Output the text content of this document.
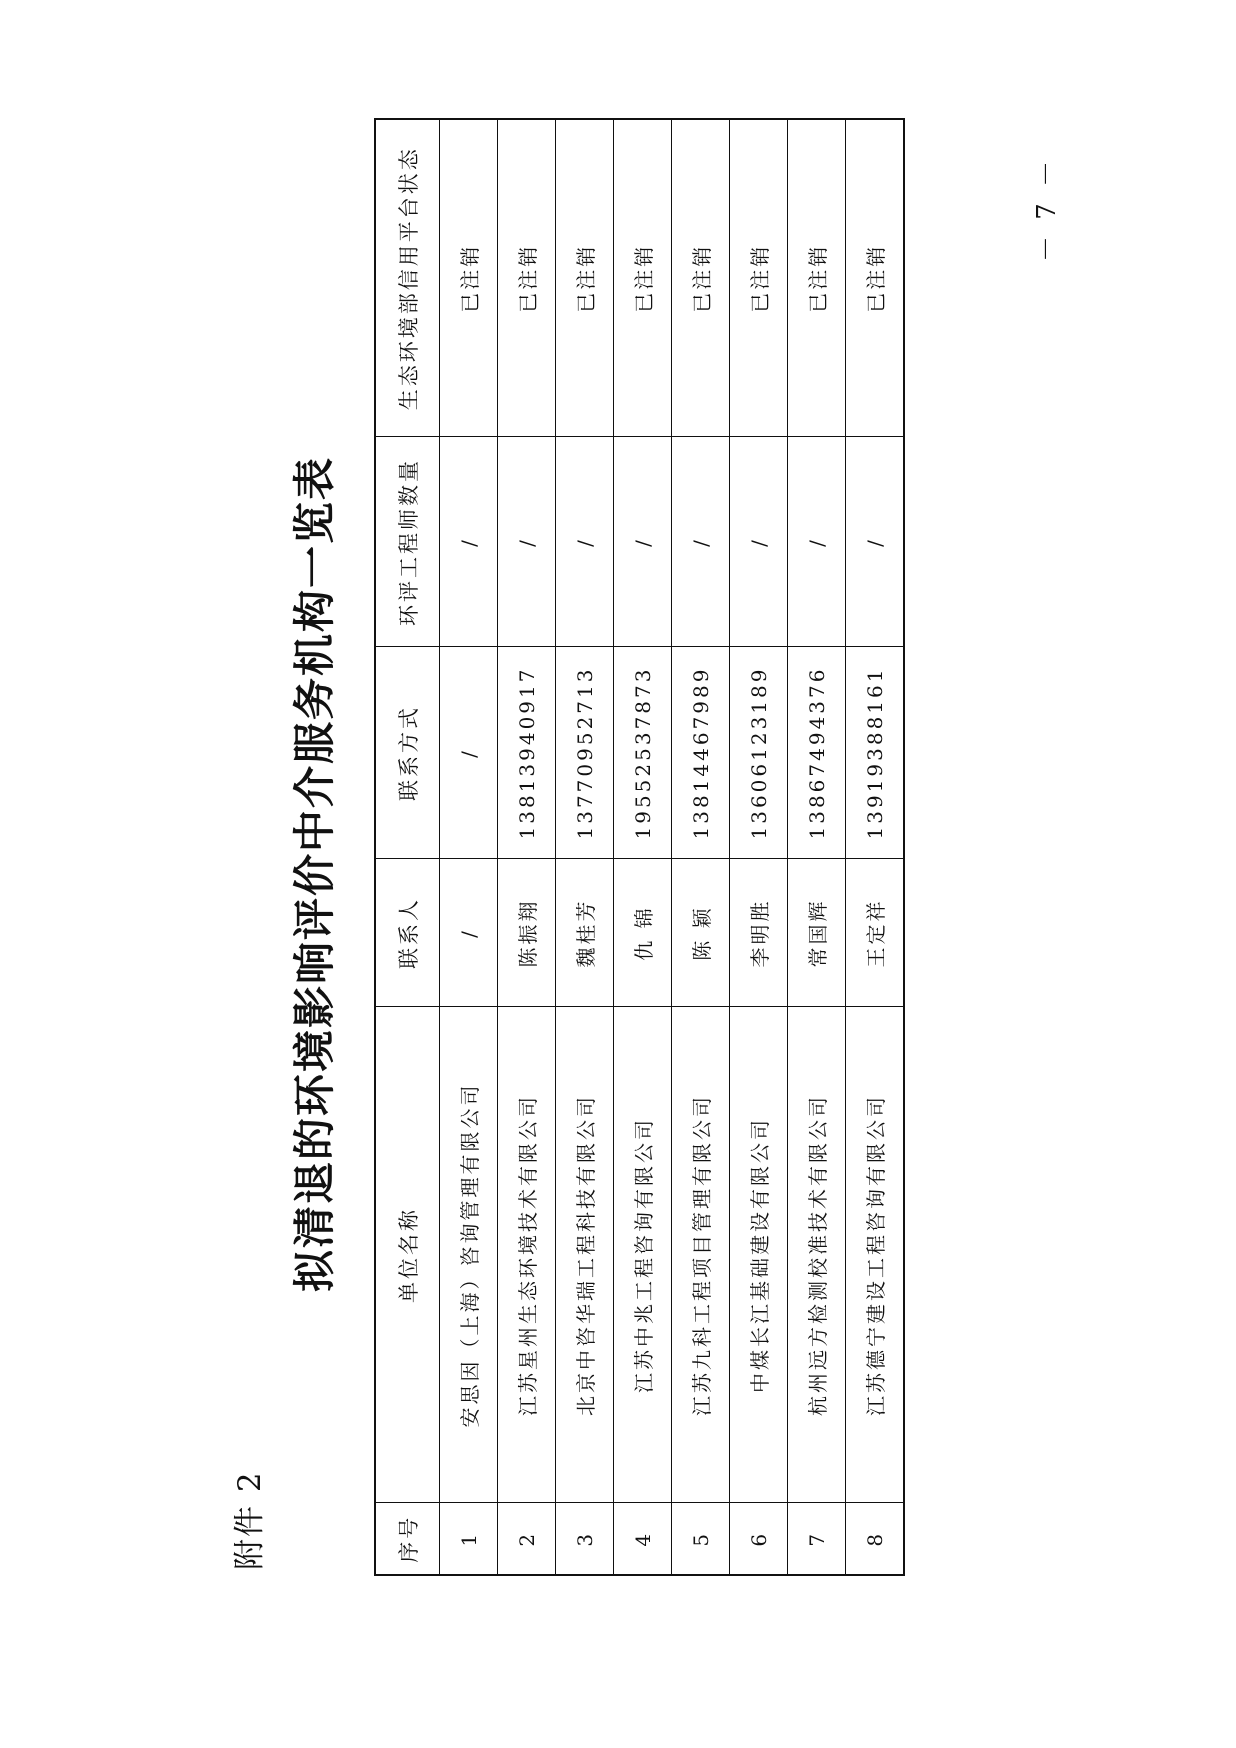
附件 2
拟清退的环境影响评价中介服务机构一览表
序号	单位名称	联系人	联系方式	环评工程师数量	生态环境部信用平台状态
1	安思因（上海）咨询管理有限公司	/	/	/	已注销
2	江苏星州生态环境技术有限公司	陈振翔	13813940917	/	已注销
3	北京中咨华瑞工程科技有限公司	魏桂芳	13770952713	/	已注销
4	江苏中兆工程咨询有限公司	仇 锦	19552537873	/	已注销
5	江苏九科工程项目管理有限公司	陈 颖	13814467989	/	已注销
6	中煤长江基础建设有限公司	李明胜	13606123189	/	已注销
7	杭州远方检测校准技术有限公司	常国辉	13867494376	/	已注销
8	江苏德宁建设工程咨询有限公司	王定祥	13919388161	/	已注销
－ 7 －
